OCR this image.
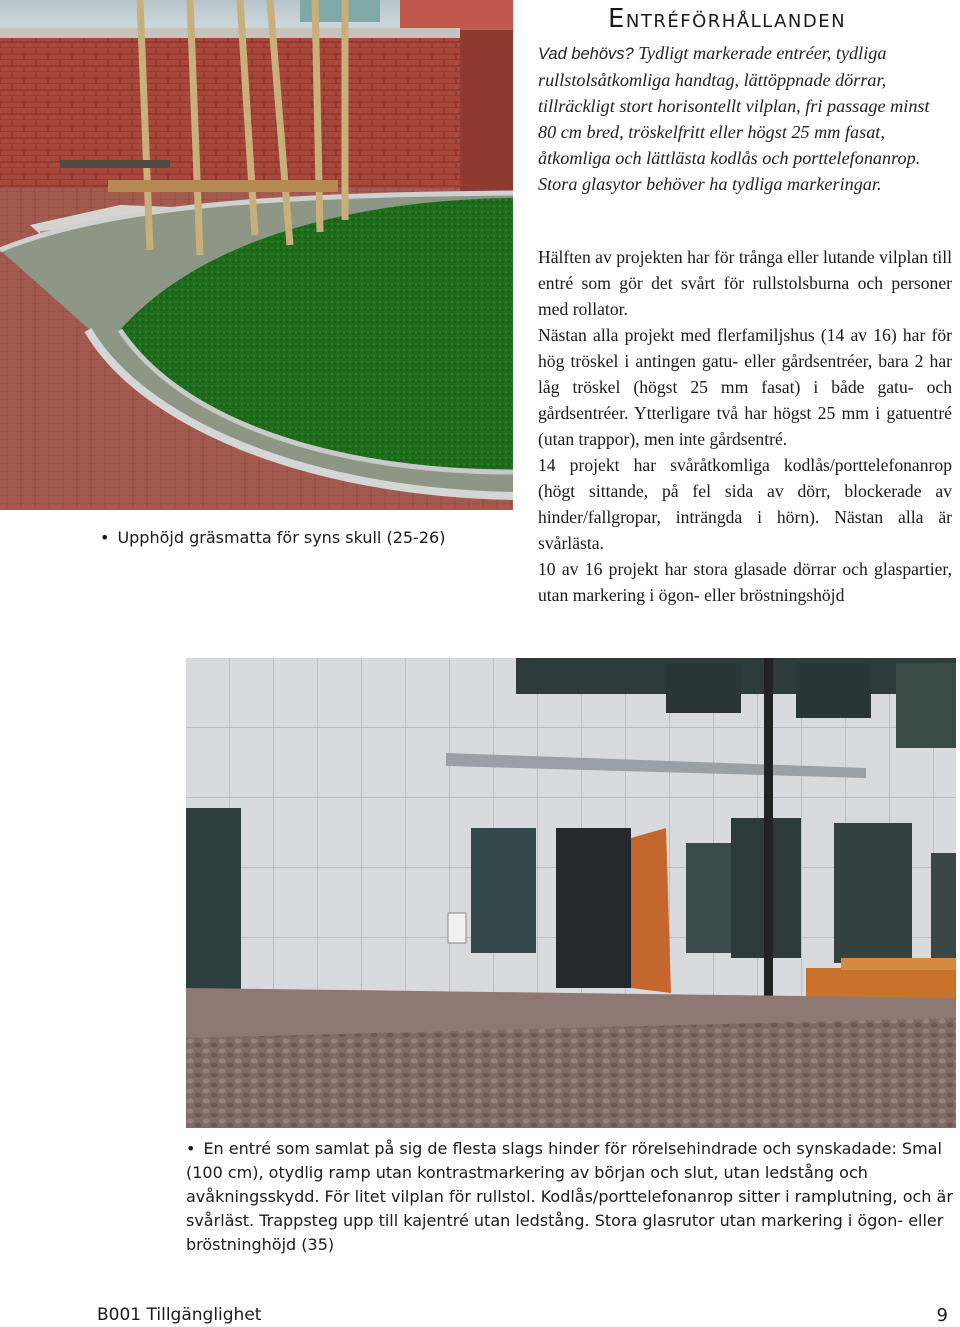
Entréförhållanden
Vad behövs? Tydligt markerade entréer, tydliga rullstolsåtkomliga handtag, lättöppnade dörrar, tillräckligt stort horisontellt vilplan, fri passage minst 80 cm bred, tröskelfritt eller högst 25 mm fasat, åtkomliga och lättlästa kodlås och porttelefonanrop. Stora glasytor behöver ha tydliga markeringar.

Hälften av projekten har för trånga eller lutande vilplan till entré som gör det svårt för rullstolsburna och personer med rollator.

Nästan alla projekt med flerfamiljshus (14 av 16) har för hög tröskel i antingen gatu- eller gårdsentréer, bara 2 har låg tröskel (högst 25 mm fasat) i både gatu- och gårdsentréer. Ytterligare två har högst 25 mm i gatuentré (utan trappor), men inte gårdsentré.

14 projekt har svåråtkomliga kodlås/porttelefonanrop (högt sittande, på fel sida av dörr, blockerade av hinder/fallgropar, inträngda i hörn). Nästan alla är svårlästa.

10 av 16 projekt har stora glasade dörrar och glaspartier, utan markering i ögon- eller bröstningshöjd

• Upphöjd gräsmatta för syns skull (25-26)
• En entré som samlat på sig de flesta slags hinder för rörelsehindrade och synskadade: Smal (100 cm), otydlig ramp utan kontrastmarkering av början och slut, utan ledstång och avåkningsskydd. För litet vilplan för rullstol. Kodlås/porttelefonanrop sitter i ramplutning, och är svårläst. Trappsteg upp till kajentré utan ledstång. Stora glasrutor utan markering i ögon- eller bröstninghöjd (35)
B001 Tillgänglighet	9
